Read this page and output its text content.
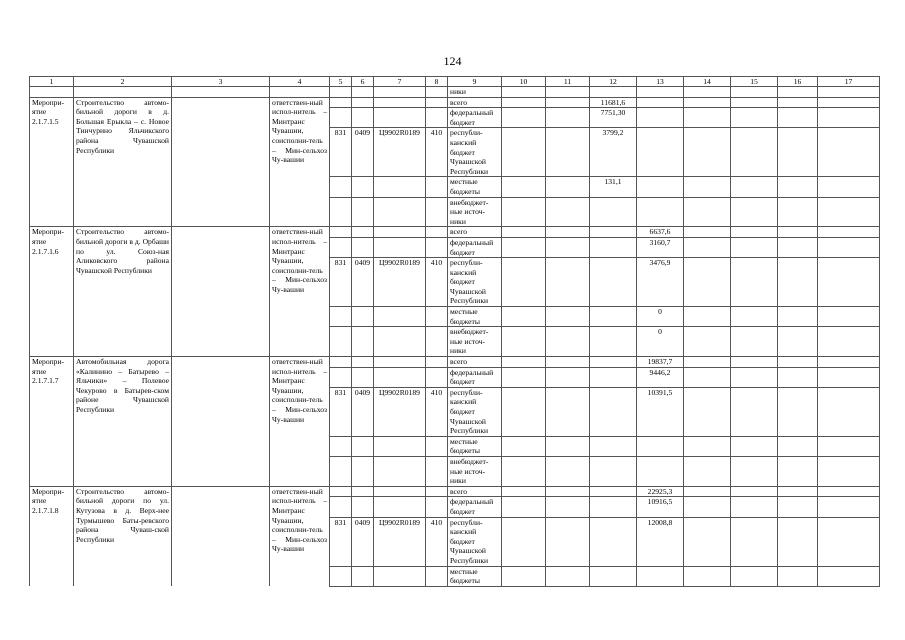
124
1	2	3	4	5	6	7	8	9	10	11	12	13	14	15	16	17
								ники								
Меропри-ятие 2.1.7.1.5	Строительство автомо-бильной дороги в д. Большая Ерыкла – с. Новое Тинчурино Яльчикского района Чувашской Республики		ответствен-ный испол-нитель – Минтранс Чувашии, соисполни-тель – Мин-сельхоз Чу-вашии					всего			11681,6					
								федеральный бюджет			7751,30					
				831	0409	Ц9902R0189	410	республи-канский бюджет Чувашской Республики			3799,2					
								местные бюджеты			131,1					
								внебюджет-ные источ-ники								
Меропри-ятие 2.1.7.1.6	Строительство автомо-бильной дороги в д. Орбаши по ул. Союз-ная Аликовского района Чувашской Республики		ответствен-ный испол-нитель – Минтранс Чувашии, соисполни-тель – Мин-сельхоз Чу-вашии					всего				6637,6				
								федеральный бюджет				3160,7				
				831	0409	Ц9902R0189	410	республи-канский бюджет Чувашской Республики				3476,9				
								местные бюджеты				0				
								внебюджет-ные источ-ники				0				
Меропри-ятие 2.1.7.1.7	Автомобильная дорога «Калинино – Батырево – Яльчики» – Полевое Чекурово в Батырев-ском районе Чувашской Республики		ответствен-ный испол-нитель – Минтранс Чувашии, соисполни-тель – Мин-сельхоз Чу-вашии					всего				19837,7				
								федеральный бюджет				9446,2				
				831	0409	Ц9902R0189	410	республи-канский бюджет Чувашской Республики				10391,5				
								местные бюджеты								
								внебюджет-ные источ-ники								
Меропри-ятие 2.1.7.1.8	Строительство автомо-бильной дороги по ул. Кутузова в д. Верх-нее Турмышево Баты-ревского района Чуваш-ской Республики		ответствен-ный испол-нитель – Минтранс Чувашии, соисполни-тель – Мин-сельхоз Чу-вашии					всего				22925,3				
								федеральный бюджет				10916,5				
				831	0409	Ц9902R0189	410	республи-канский бюджет Чувашской Республики				12008,8				
								местные бюджеты								
